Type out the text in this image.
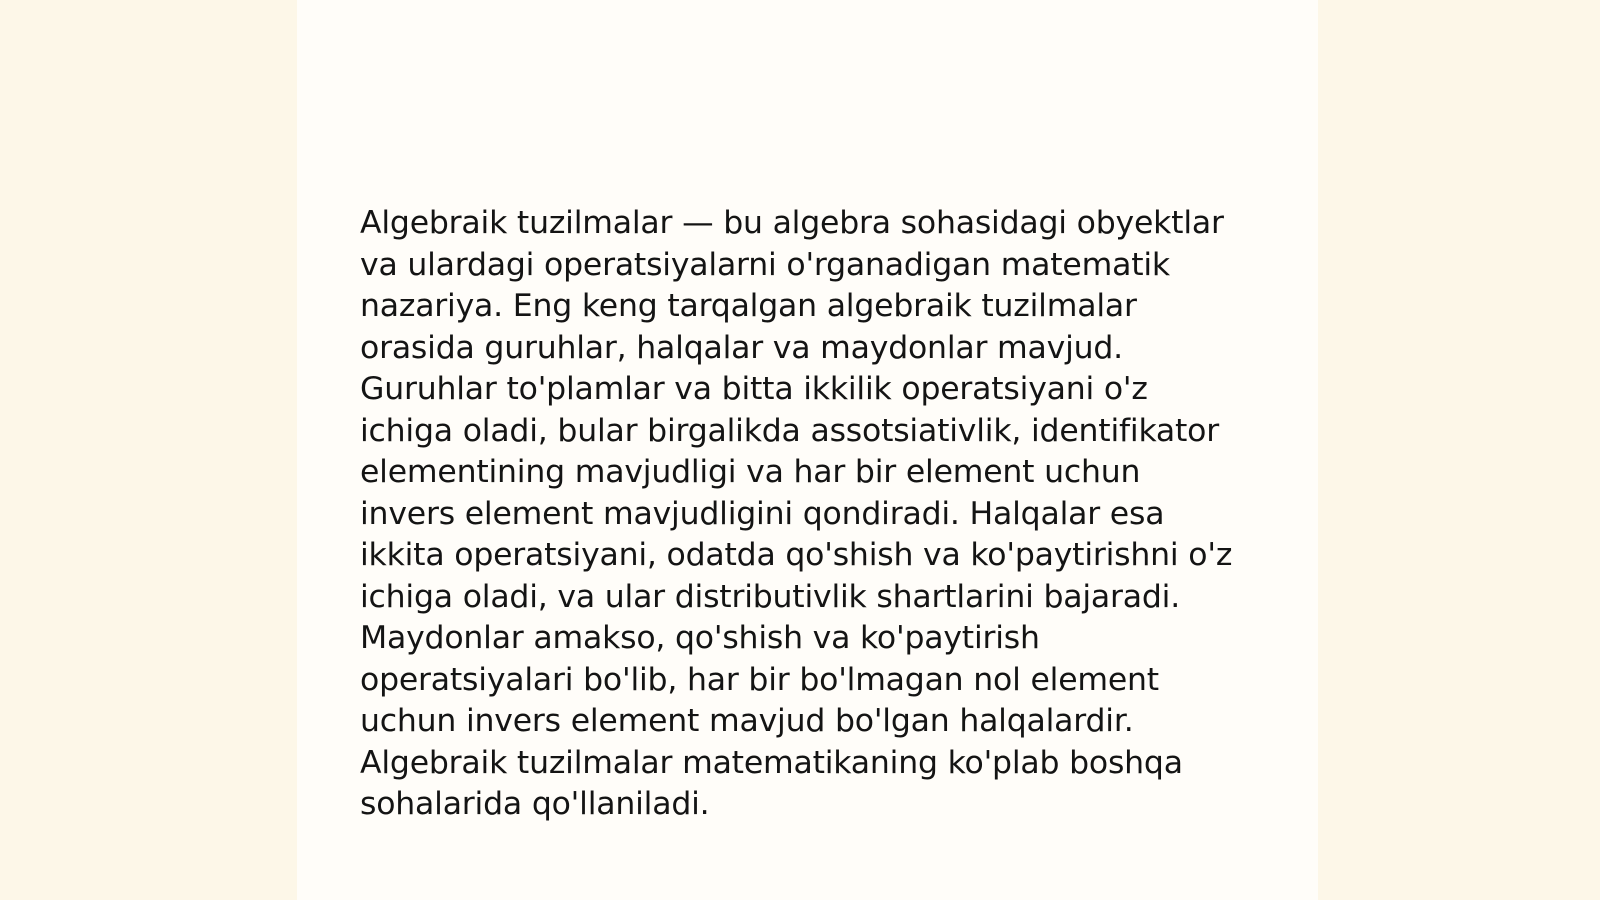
Algebraik tuzilmalar — bu algebra sohasidagi obyektlar va ulardagi operatsiyalarni o'rganadigan matematik nazariya. Eng keng tarqalgan algebraik tuzilmalar orasida guruhlar, halqalar va maydonlar mavjud. Guruhlar to'plamlar va bitta ikkilik operatsiyani o'z ichiga oladi, bular birgalikda assotsiativlik, identifikator elementining mavjudligi va har bir element uchun invers element mavjudligini qondiradi. Halqalar esa ikkita operatsiyani, odatda qo'shish va ko'paytirishni o'z ichiga oladi, va ular distributivlik shartlarini bajaradi. Maydonlar amakso, qo'shish va ko'paytirish operatsiyalari bo'lib, har bir bo'lmagan nol element uchun invers element mavjud bo'lgan halqalardir. Algebraik tuzilmalar matematikaning ko'plab boshqa sohalarida qo'llaniladi.
